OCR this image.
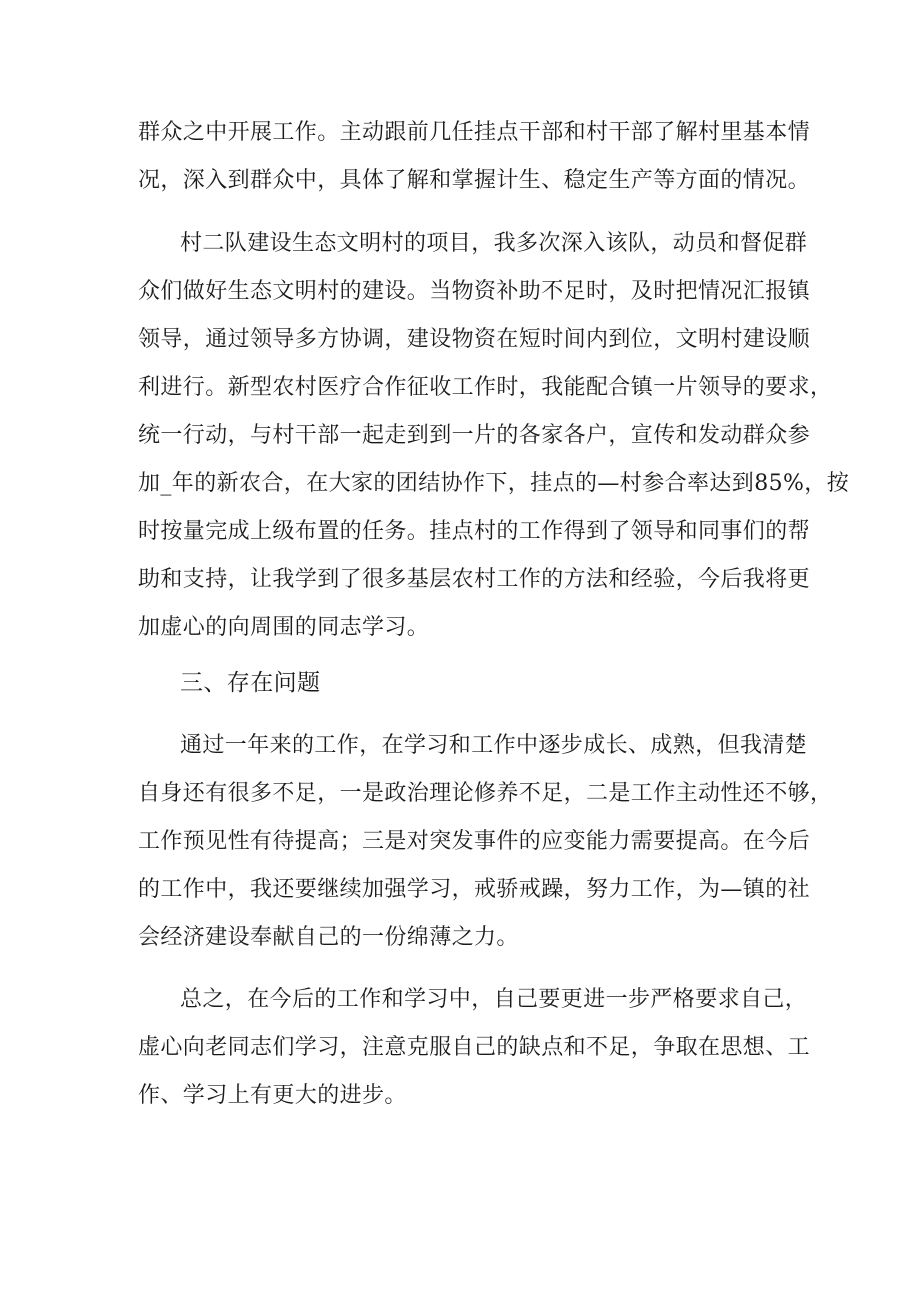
群众之中开展工作。主动跟前几任挂点干部和村干部了解村里基本情
况，深入到群众中，具体了解和掌握计生、稳定生产等方面的情况。
村二队建设生态文明村的项目，我多次深入该队，动员和督促群
众们做好生态文明村的建设。当物资补助不足时，及时把情况汇报镇
领导，通过领导多方协调，建设物资在短时间内到位，文明村建设顺
利进行。新型农村医疗合作征收工作时，我能配合镇一片领导的要求，
统一行动，与村干部一起走到到一片的各家各户，宣传和发动群众参
加_年的新农合，在大家的团结协作下，挂点的—村参合率达到85%，按
时按量完成上级布置的任务。挂点村的工作得到了领导和同事们的帮
助和支持，让我学到了很多基层农村工作的方法和经验，今后我将更
加虚心的向周围的同志学习。
三、存在问题
通过一年来的工作，在学习和工作中逐步成长、成熟，但我清楚
自身还有很多不足，一是政治理论修养不足，二是工作主动性还不够，
工作预见性有待提高；三是对突发事件的应变能力需要提高。在今后
的工作中，我还要继续加强学习，戒骄戒躁，努力工作，为—镇的社
会经济建设奉献自己的一份绵薄之力。
总之，在今后的工作和学习中，自己要更进一步严格要求自己，
虚心向老同志们学习，注意克服自己的缺点和不足，争取在思想、工
作、学习上有更大的进步。
